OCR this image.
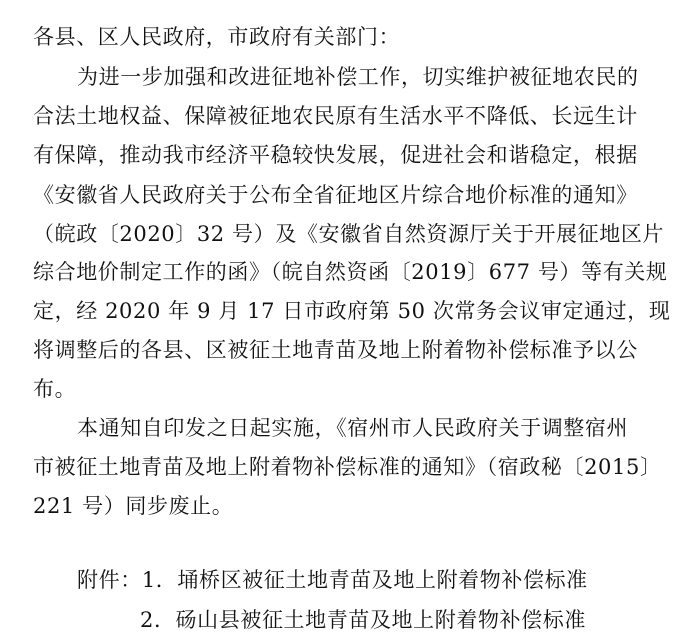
各县、区人民政府，市政府有关部门：
为进一步加强和改进征地补偿工作，切实维护被征地农民的
合法土地权益、保障被征地农民原有生活水平不降低、长远生计
有保障，推动我市经济平稳较快发展，促进社会和谐稳定，根据
《安徽省人民政府关于公布全省征地区片综合地价标准的通知》
（皖政〔2020〕32 号）及《安徽省自然资源厅关于开展征地区片
综合地价制定工作的函》（皖自然资函〔2019〕677 号）等有关规
定，经 2020 年 9 月 17 日市政府第 50 次常务会议审定通过，现
将调整后的各县、区被征土地青苗及地上附着物补偿标准予以公
布。
本通知自印发之日起实施，《宿州市人民政府关于调整宿州
市被征土地青苗及地上附着物补偿标准的通知》（宿政秘〔2015〕
221 号）同步废止。
附件：1．埇桥区被征土地青苗及地上附着物补偿标准
2．砀山县被征土地青苗及地上附着物补偿标准
